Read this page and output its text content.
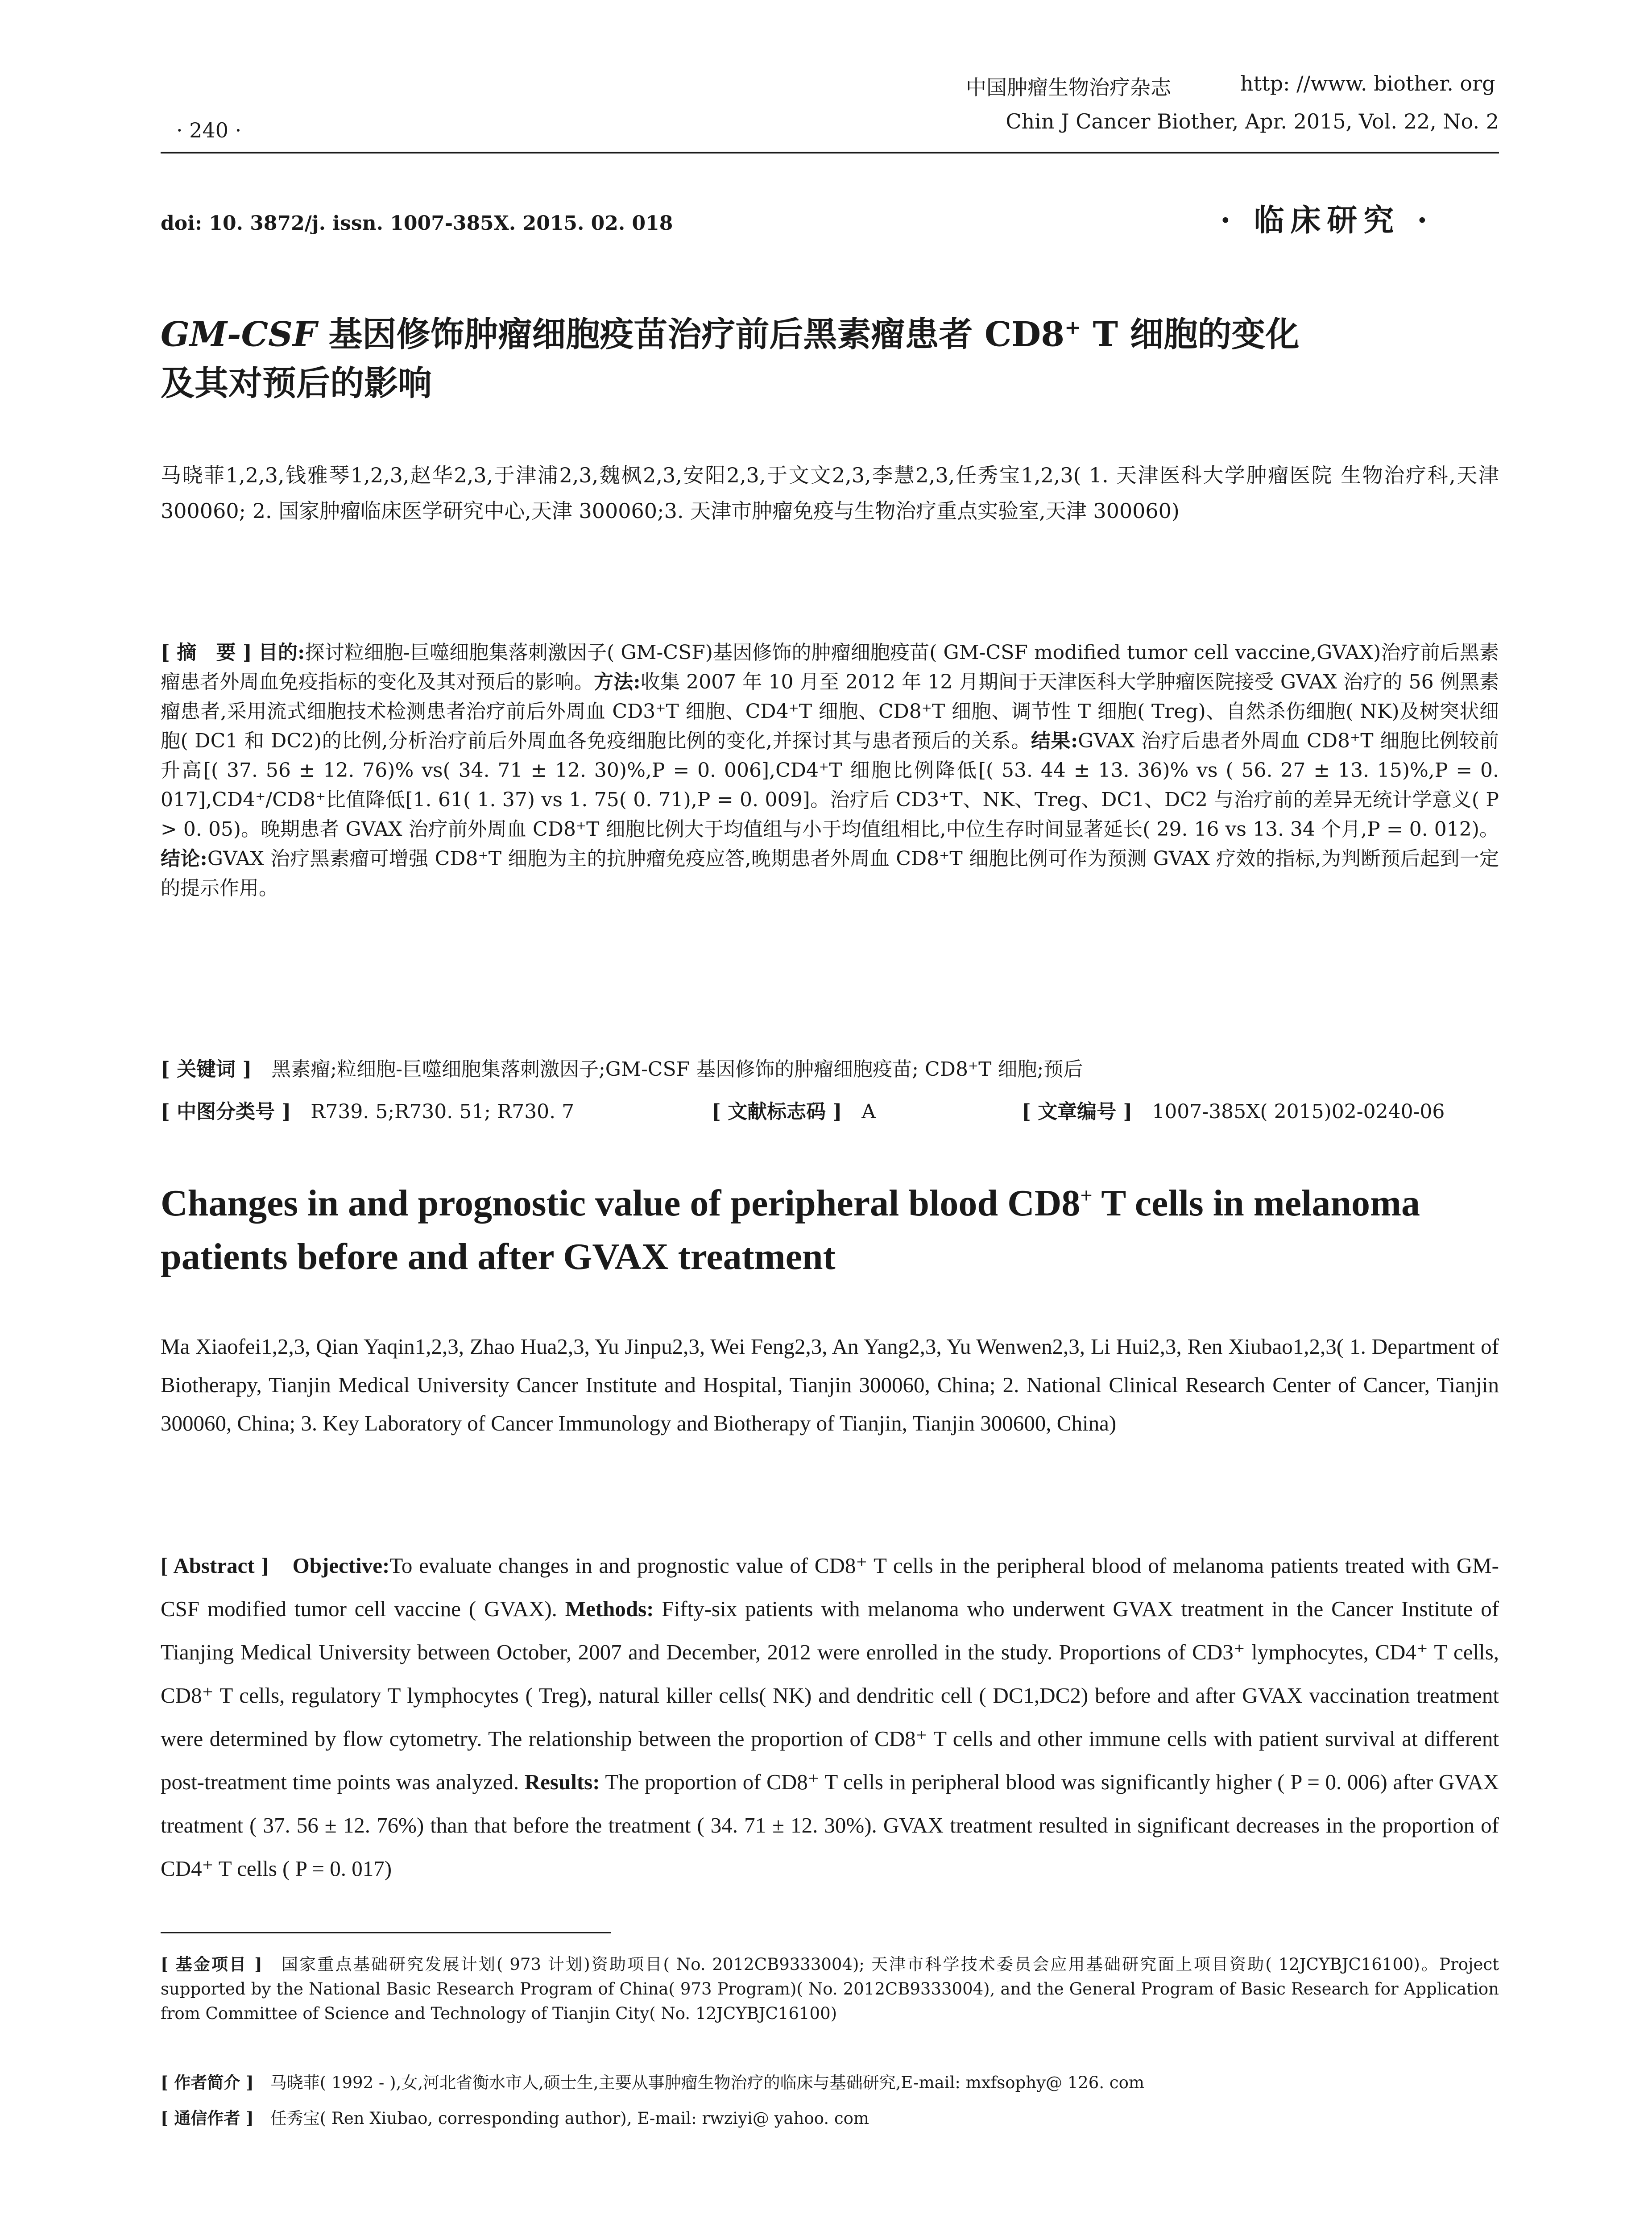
· 240 ·
中国肿瘤生物治疗杂志	http: //www. biother. org
Chin J Cancer Biother, Apr. 2015, Vol. 22, No. 2
doi: 10. 3872/j. issn. 1007-385X. 2015. 02. 018	· 临床研究 ·
GM-CSF 基因修饰肿瘤细胞疫苗治疗前后黑素瘤患者 CD8+ T 细胞的变化
及其对预后的影响
马晓菲1,2,3,钱雅琴1,2,3,赵华2,3,于津浦2,3,魏枫2,3,安阳2,3,于文文2,3,李慧2,3,任秀宝1,2,3( 1. 天津医科大学肿瘤医院 生物治疗科,天津 300060; 2. 国家肿瘤临床医学研究中心,天津 300060;3. 天津市肿瘤免疫与生物治疗重点实验室,天津 300060)
[ 摘　要 ] 目的:探讨粒细胞-巨噬细胞集落刺激因子( GM-CSF)基因修饰的肿瘤细胞疫苗( GM-CSF modified tumor cell vaccine,GVAX)治疗前后黑素瘤患者外周血免疫指标的变化及其对预后的影响。方法:收集 2007 年 10 月至 2012 年 12 月期间于天津医科大学肿瘤医院接受 GVAX 治疗的 56 例黑素瘤患者,采用流式细胞技术检测患者治疗前后外周血 CD3⁺T 细胞、CD4⁺T 细胞、CD8⁺T 细胞、调节性 T 细胞( Treg)、自然杀伤细胞( NK)及树突状细胞( DC1 和 DC2)的比例,分析治疗前后外周血各免疫细胞比例的变化,并探讨其与患者预后的关系。结果:GVAX 治疗后患者外周血 CD8⁺T 细胞比例较前升高[( 37. 56 ± 12. 76)% vs( 34. 71 ± 12. 30)%,P = 0. 006],CD4⁺T 细胞比例降低[( 53. 44 ± 13. 36)% vs ( 56. 27 ± 13. 15)%,P = 0. 017],CD4⁺/CD8⁺比值降低[1. 61( 1. 37) vs 1. 75( 0. 71),P = 0. 009]。治疗后 CD3⁺T、NK、Treg、DC1、DC2 与治疗前的差异无统计学意义( P > 0. 05)。晚期患者 GVAX 治疗前外周血 CD8⁺T 细胞比例大于均值组与小于均值组相比,中位生存时间显著延长( 29. 16 vs 13. 34 个月,P = 0. 012)。结论:GVAX 治疗黑素瘤可增强 CD8⁺T 细胞为主的抗肿瘤免疫应答,晚期患者外周血 CD8⁺T 细胞比例可作为预测 GVAX 疗效的指标,为判断预后起到一定的提示作用。
[ 关键词 ]　 黑素瘤;粒细胞-巨噬细胞集落刺激因子;GM-CSF 基因修饰的肿瘤细胞疫苗; CD8⁺T 细胞;预后
[ 中图分类号 ]　 R739. 5;R730. 51; R730. 7	[ 文献标志码 ]　 A	[ 文章编号 ]　 1007-385X( 2015)02-0240-06
Changes in and prognostic value of peripheral blood CD8+ T cells in melanoma
patients before and after GVAX treatment
Ma Xiaofei1,2,3, Qian Yaqin1,2,3, Zhao Hua2,3, Yu Jinpu2,3, Wei Feng2,3, An Yang2,3, Yu Wenwen2,3, Li Hui2,3, Ren Xiubao1,2,3( 1. Department of Biotherapy, Tianjin Medical University Cancer Institute and Hospital, Tianjin 300060, China; 2. National Clinical Research Center of Cancer, Tianjin 300060, China; 3. Key Laboratory of Cancer Immunology and Biotherapy of Tianjin, Tianjin 300600, China)
[ Abstract ]　 Objective:To evaluate changes in and prognostic value of CD8⁺ T cells in the peripheral blood of melanoma patients treated with GM-CSF modified tumor cell vaccine ( GVAX). Methods: Fifty-six patients with melanoma who underwent GVAX treatment in the Cancer Institute of Tianjing Medical University between October, 2007 and December, 2012 were enrolled in the study. Proportions of CD3⁺ lymphocytes, CD4⁺ T cells, CD8⁺ T cells, regulatory T lymphocytes ( Treg), natural killer cells( NK) and dendritic cell ( DC1,DC2) before and after GVAX vaccination treatment were determined by flow cytometry. The relationship between the proportion of CD8⁺ T cells and other immune cells with patient survival at different post-treatment time points was analyzed. Results: The proportion of CD8⁺ T cells in peripheral blood was significantly higher ( P = 0. 006) after GVAX treatment ( 37. 56 ± 12. 76%) than that before the treatment ( 34. 71 ± 12. 30%). GVAX treatment resulted in significant decreases in the proportion of CD4⁺ T cells ( P = 0. 017)
[ 基金项目 ]　 国家重点基础研究发展计划( 973 计划)资助项目( No. 2012CB9333004); 天津市科学技术委员会应用基础研究面上项目资助( 12JCYBJC16100)。Project supported by the National Basic Research Program of China( 973 Program)( No. 2012CB9333004), and the General Program of Basic Research for Application from Committee of Science and Technology of Tianjin City( No. 12JCYBJC16100)
[ 作者简介 ]　 马晓菲( 1992 - ),女,河北省衡水市人,硕士生,主要从事肿瘤生物治疗的临床与基础研究,E-mail: mxfsophy@ 126. com
[ 通信作者 ]　 任秀宝( Ren Xiubao, corresponding author), E-mail: rwziyi@ yahoo. com
